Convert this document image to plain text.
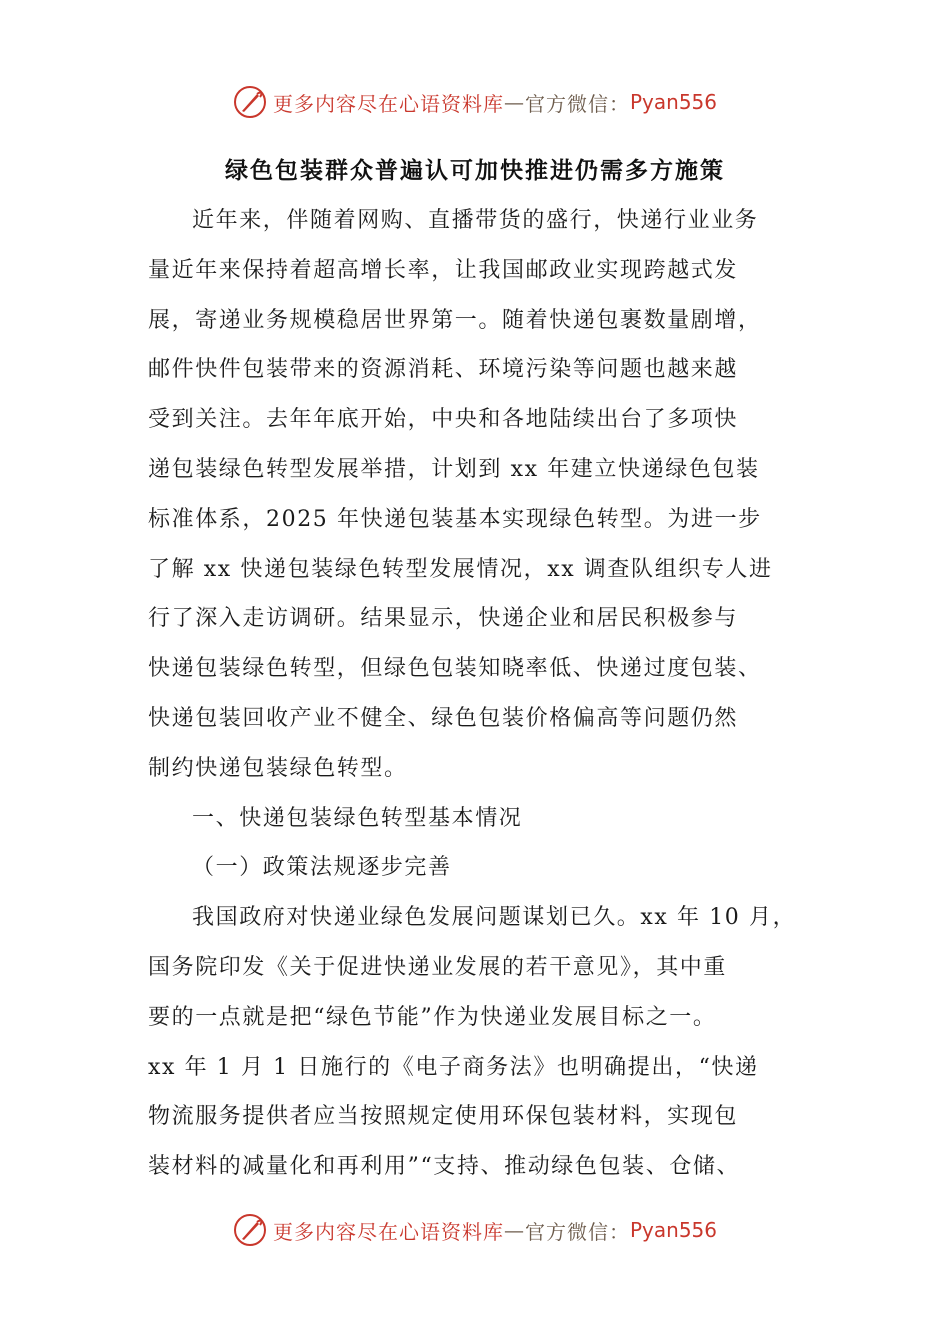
更多内容尽在心语资料库 — 官方微信： Pyan556
绿色包装群众普遍认可加快推进仍需多方施策
近年来，伴随着网购、直播带货的盛行，快递行业业务
量近年来保持着超高增长率，让我国邮政业实现跨越式发
展，寄递业务规模稳居世界第一。随着快递包裹数量剧增，
邮件快件包装带来的资源消耗、环境污染等问题也越来越
受到关注。去年年底开始，中央和各地陆续出台了多项快
递包装绿色转型发展举措，计划到 xx 年建立快递绿色包装
标准体系，2025 年快递包装基本实现绿色转型。为进一步
了解 xx 快递包装绿色转型发展情况，xx 调查队组织专人进
行了深入走访调研。结果显示，快递企业和居民积极参与
快递包装绿色转型，但绿色包装知晓率低、快递过度包装、
快递包装回收产业不健全、绿色包装价格偏高等问题仍然
制约快递包装绿色转型。
一、快递包装绿色转型基本情况
（一）政策法规逐步完善
我国政府对快递业绿色发展问题谋划已久。xx 年 10 月，
国务院印发《关于促进快递业发展的若干意见》，其中重
要的一点就是把“绿色节能”作为快递业发展目标之一。
xx 年 1 月 1 日施行的《电子商务法》也明确提出，“快递
物流服务提供者应当按照规定使用环保包装材料，实现包
装材料的减量化和再利用”“支持、推动绿色包装、仓储、
更多内容尽在心语资料库 — 官方微信： Pyan556
